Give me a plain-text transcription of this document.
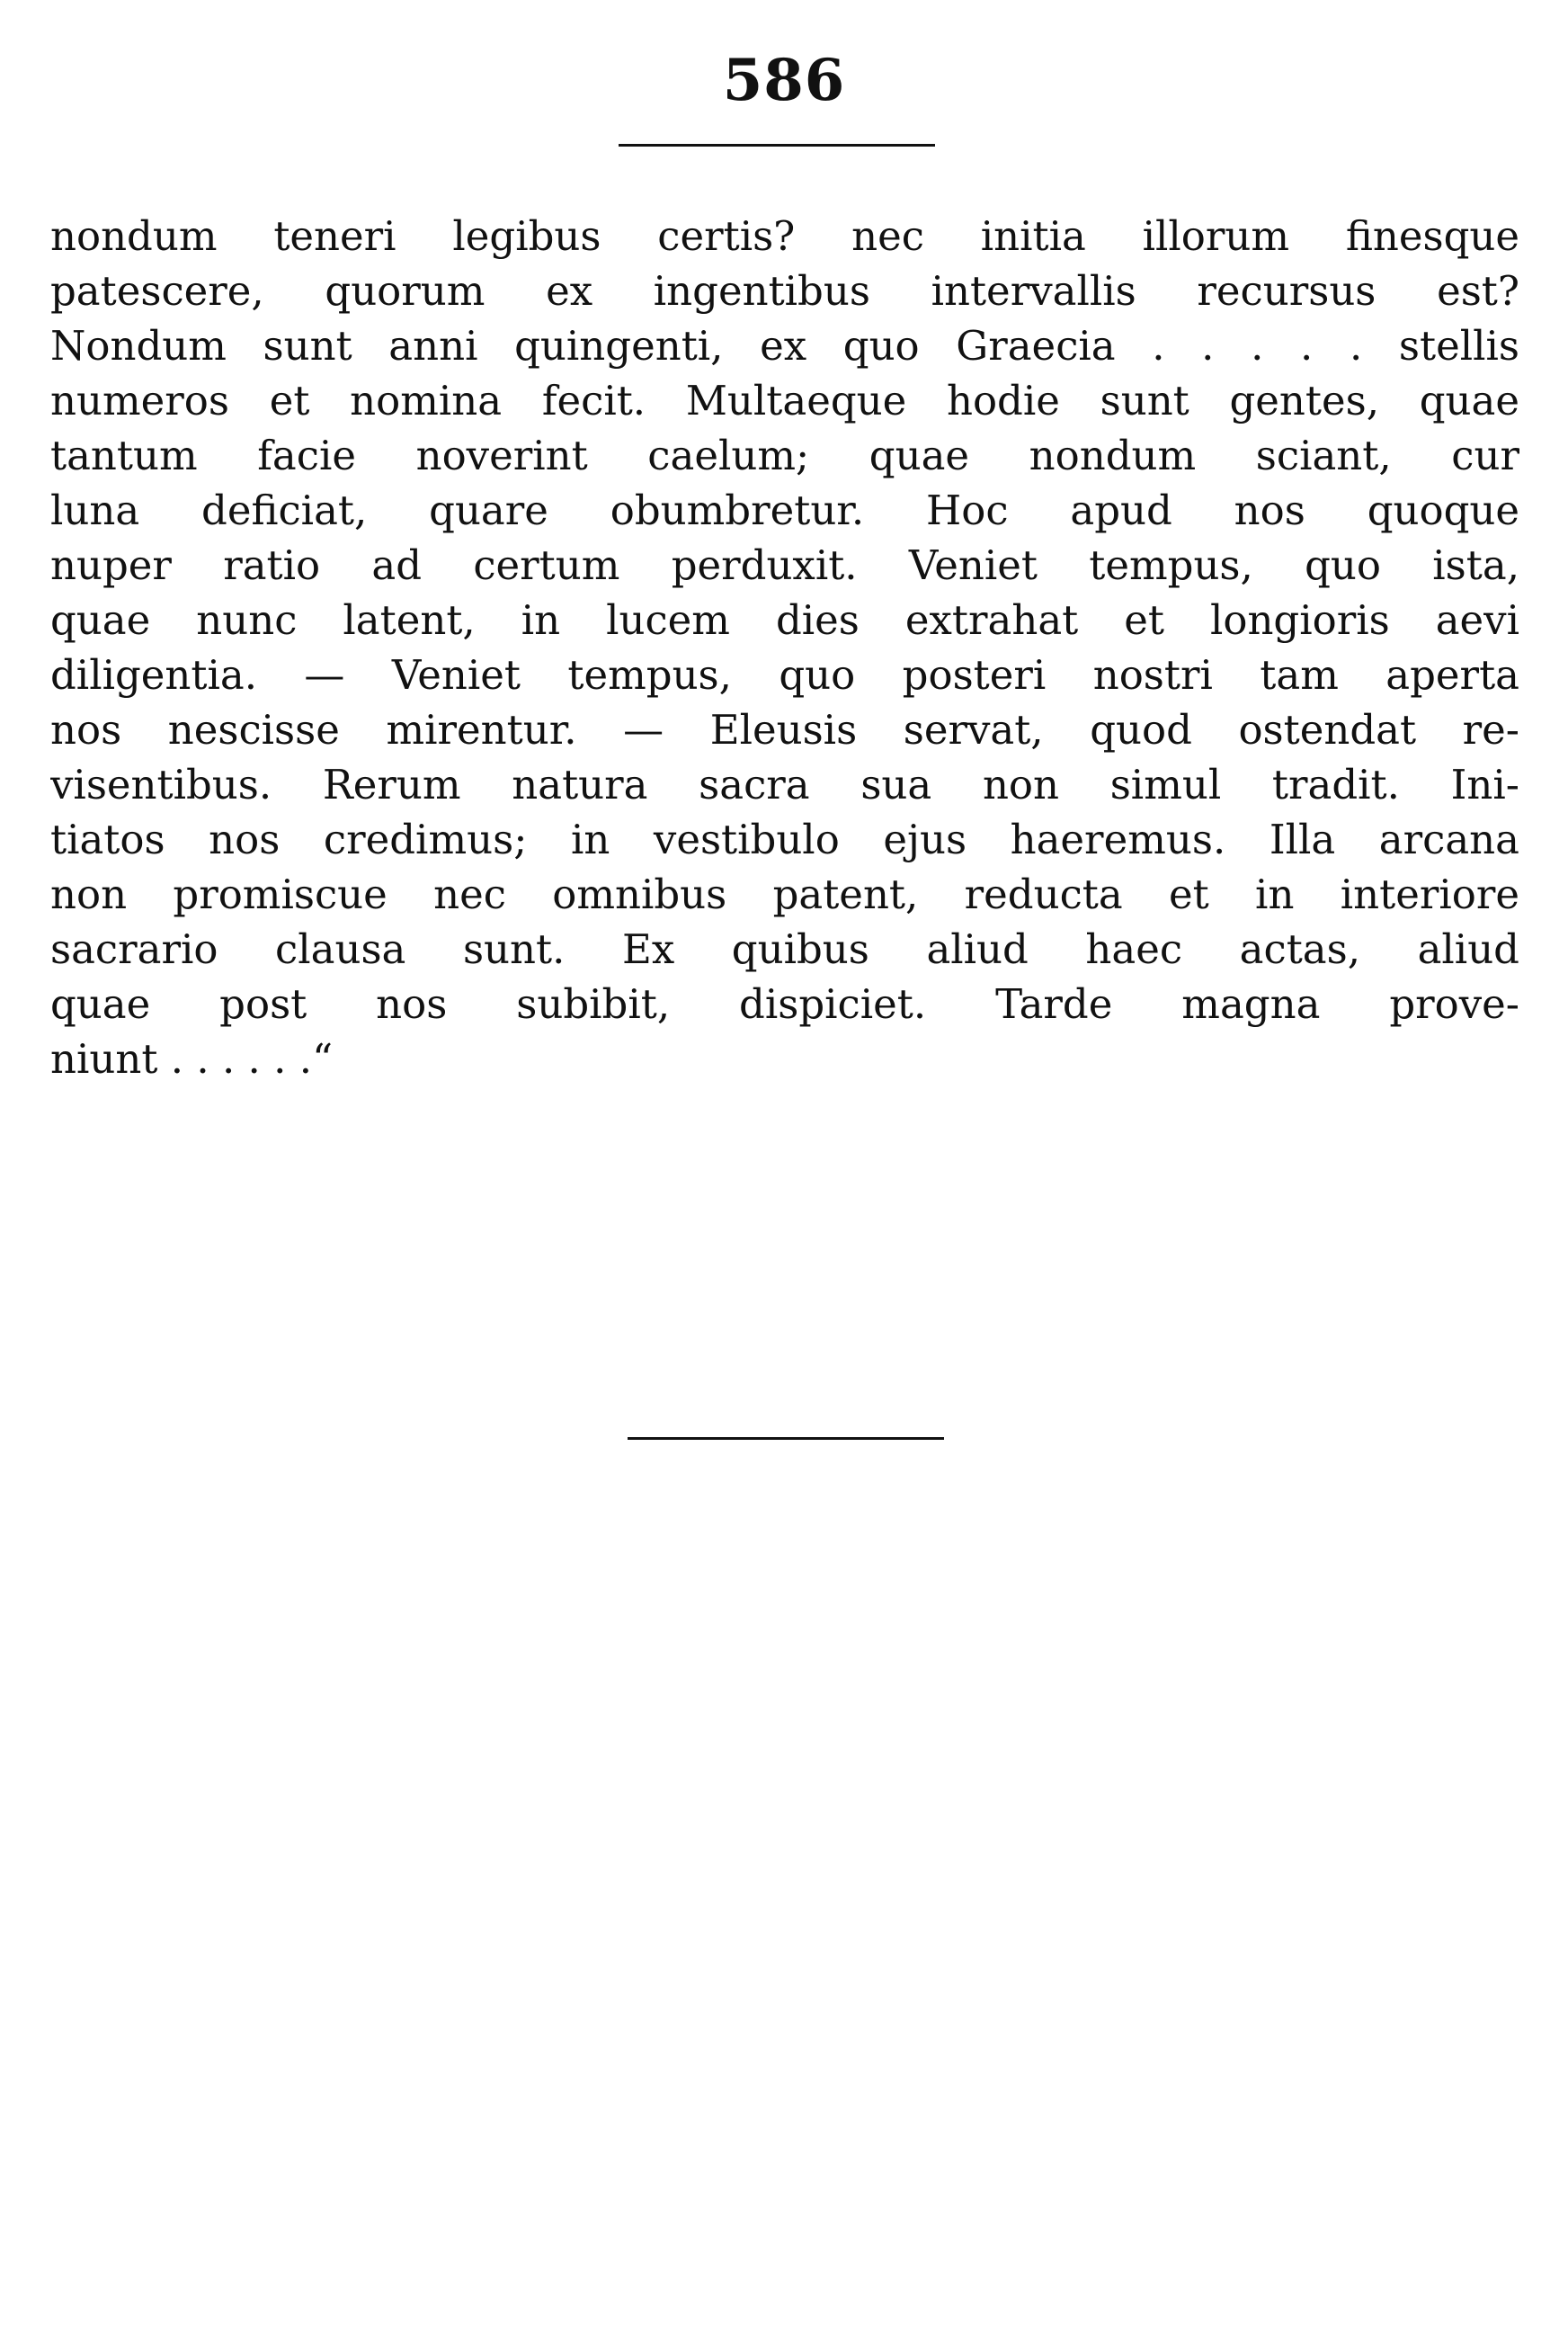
586
nondum teneri legibus certis? nec initia illorum finesque
patescere, quorum ex ingentibus intervallis recursus est?
Nondum sunt anni quingenti, ex quo Graecia . . . . . stellis
numeros et nomina fecit. Multaeque hodie sunt gentes, quae
tantum facie noverint caelum; quae nondum sciant, cur
luna deficiat, quare obumbretur. Hoc apud nos quoque
nuper ratio ad certum perduxit. Veniet tempus, quo ista,
quae nunc latent, in lucem dies extrahat et longioris aevi
diligentia. — Veniet tempus, quo posteri nostri tam aperta
nos nescisse mirentur. — Eleusis servat, quod ostendat re-
visentibus. Rerum natura sacra sua non simul tradit. Ini-
tiatos nos credimus; in vestibulo ejus haeremus. Illa arcana
non promiscue nec omnibus patent, reducta et in interiore
sacrario clausa sunt. Ex quibus aliud haec actas, aliud
quae post nos subibit, dispiciet. Tarde magna prove-
niunt . . . . . .“
